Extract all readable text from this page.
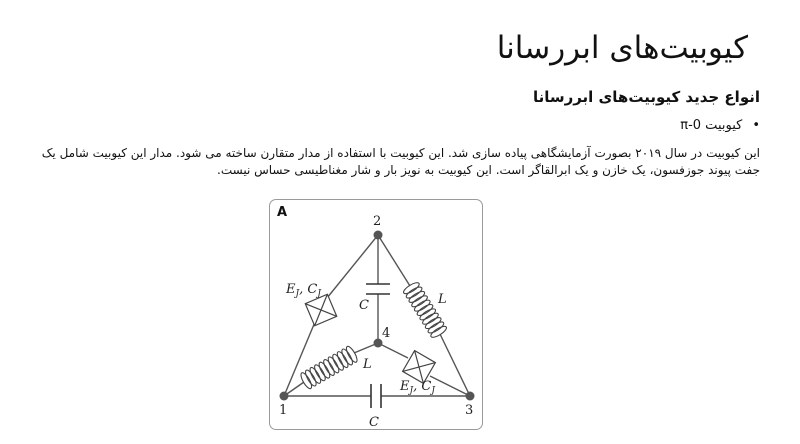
کیوبیت‌های ابررسانا
انواع جدید کیوبیت‌های ابررسانا
•
کیوبیت 0-π

این کیوبیت در سال ۲۰۱۹ بصورت آزمایشگاهی پیاده سازی شد. این کیوبیت با استفاده از مدار متقارن ساخته می شود. مدار این کیوبیت شامل یک جفت پیوند جوزفسون، یک خازن و یک ابرالقاگر است. این کیوبیت به نویز بار و شار مغناطیسی حساس نیست.

A
1
2
3
4
C
C
L
L
$E_J$, $C_J$
$E_J$, $C_J$
